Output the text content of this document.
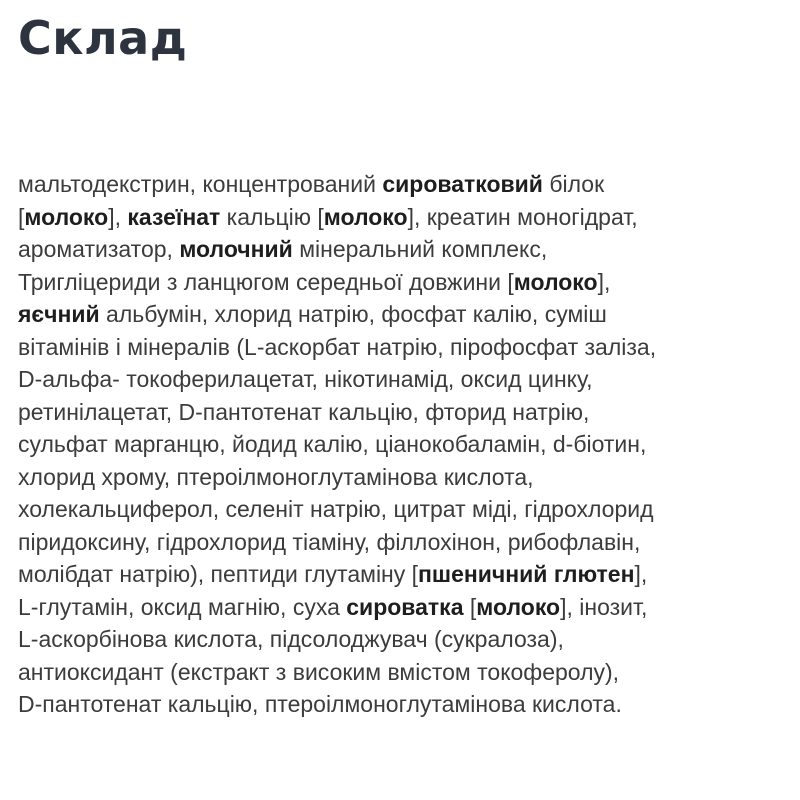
Склад

мальтодекстрин, концентрований сироватковий білок
[молоко], казеїнат кальцію [молоко], креатин моногідрат,
ароматизатор, молочний мінеральний комплекс,
Тригліцериди з ланцюгом середньої довжини [молоко],
яєчний альбумін, хлорид натрію, фосфат калію, суміш
вітамінів і мінералів (L-аскорбат натрію, пірофосфат заліза,
D-альфа- токоферилацетат, нікотинамід, оксид цинку,
ретинілацетат, D-пантотенат кальцію, фторид натрію,
сульфат марганцю, йодид калію, ціанокобаламін, d-біотин,
хлорид хрому, птероілмоноглутамінова кислота,
холекальциферол, селеніт натрію, цитрат міді, гідрохлорид
піридоксину, гідрохлорид тіаміну, філлохінон, рибофлавін,
молібдат натрію), пептиди глутаміну [пшеничний глютен],
L-глутамін, оксид магнію, суха сироватка [молоко], інозит,
L-аскорбінова кислота, підсолоджувач (сукралоза),
антиоксидант (екстракт з високим вмістом токоферолу),
D-пантотенат кальцію, птероілмоноглутамінова кислота.
